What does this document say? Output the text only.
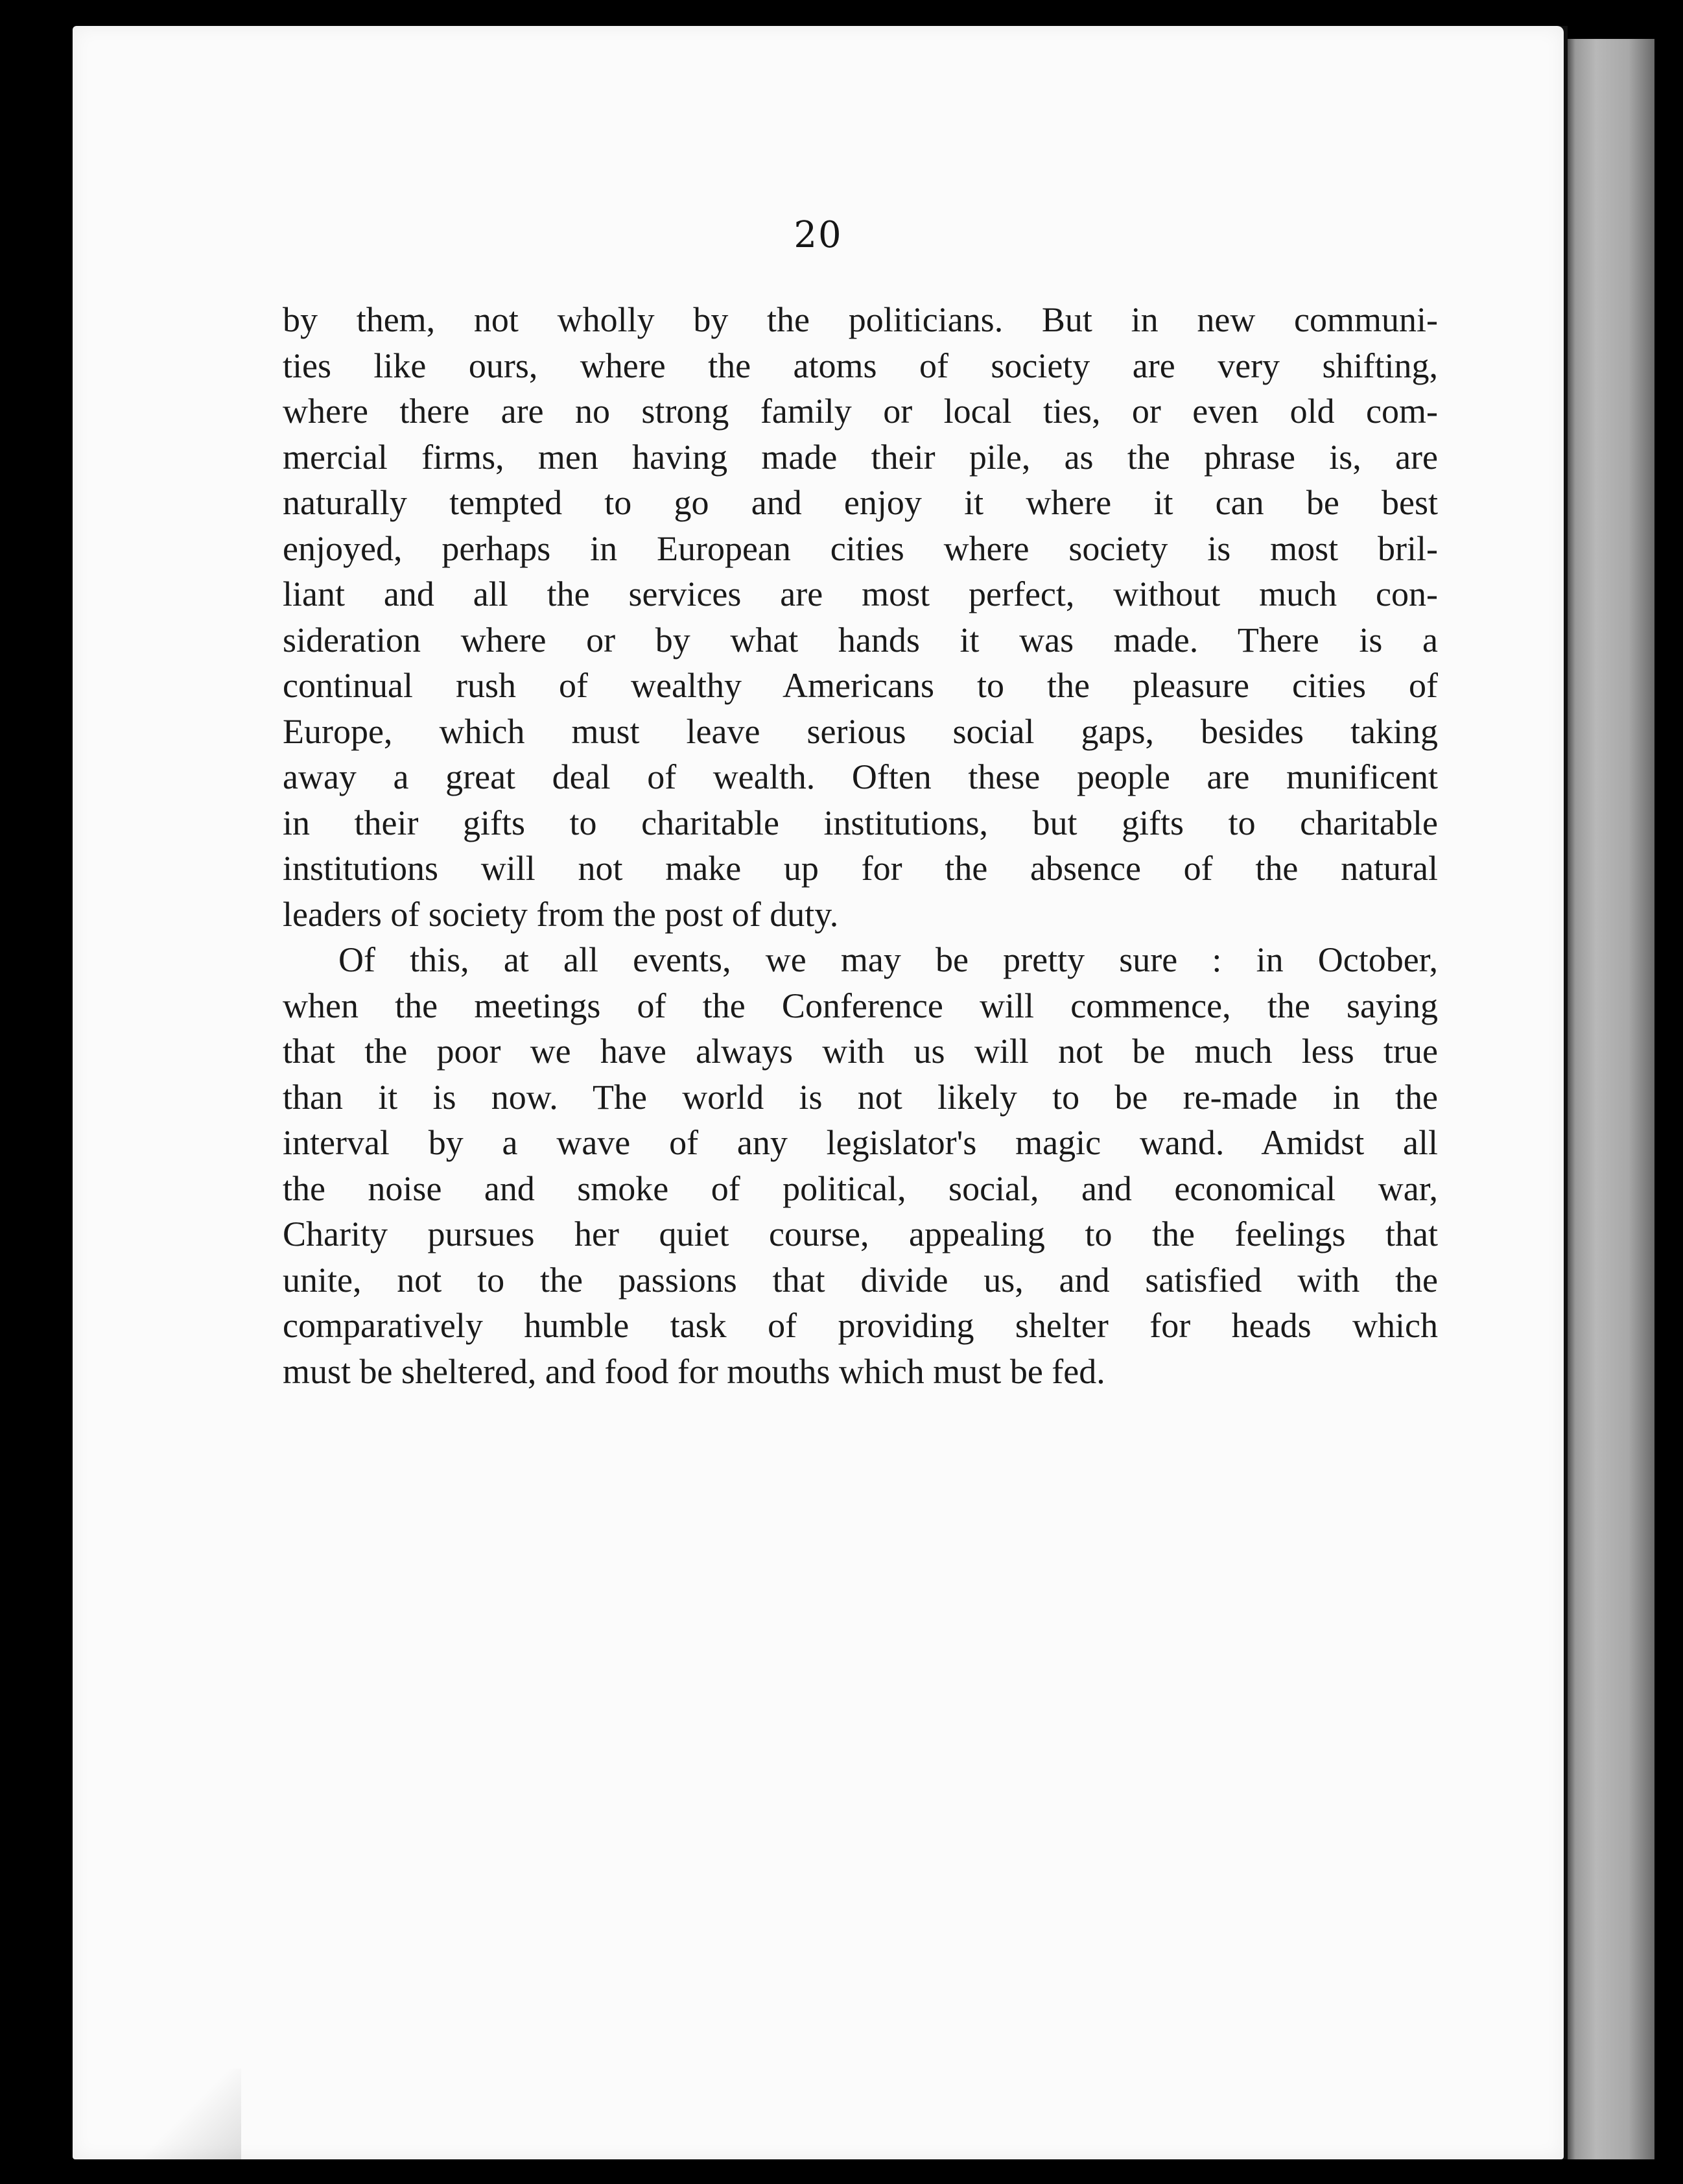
20
by them, not wholly by the politicians. But in new communi-
ties like ours, where the atoms of society are very shifting,
where there are no strong family or local ties, or even old com-
mercial firms, men having made their pile, as the phrase is, are
naturally tempted to go and enjoy it where it can be best
enjoyed, perhaps in European cities where society is most bril-
liant and all the services are most perfect, without much con-
sideration where or by what hands it was made. There is a
continual rush of wealthy Americans to the pleasure cities of
Europe, which must leave serious social gaps, besides taking
away a great deal of wealth. Often these people are munificent
in their gifts to charitable institutions, but gifts to charitable
institutions will not make up for the absence of the natural
leaders of society from the post of duty.
Of this, at all events, we may be pretty sure : in October,
when the meetings of the Conference will commence, the saying
that the poor we have always with us will not be much less true
than it is now. The world is not likely to be re-made in the
interval by a wave of any legislator's magic wand. Amidst all
the noise and smoke of political, social, and economical war,
Charity pursues her quiet course, appealing to the feelings that
unite, not to the passions that divide us, and satisfied with the
comparatively humble task of providing shelter for heads which
must be sheltered, and food for mouths which must be fed.
